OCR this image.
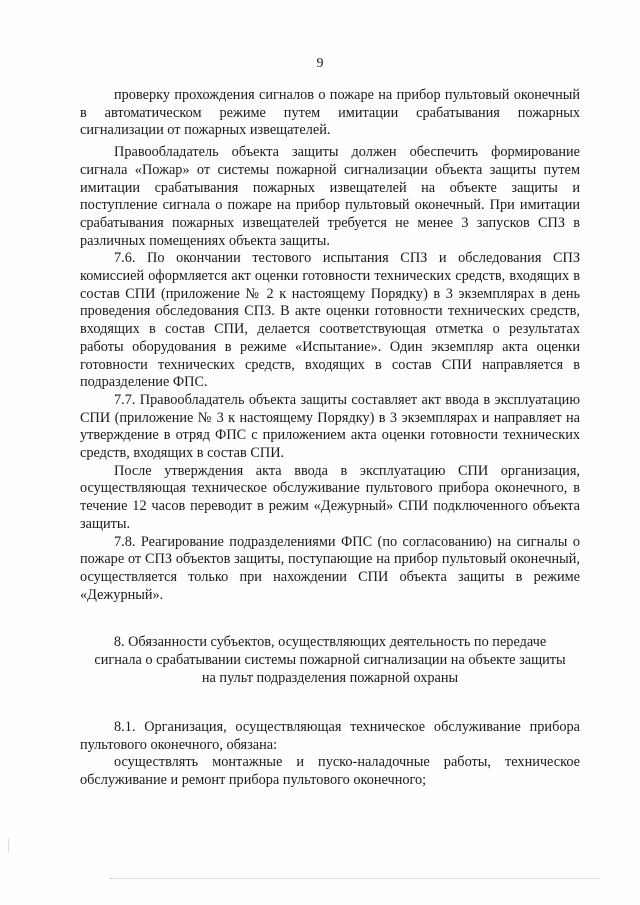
9

проверку прохождения сигналов о пожаре на прибор пультовый оконечный в автоматическом режиме путем имитации срабатывания пожарных сигнализации от пожарных извещателей.

Правообладатель объекта защиты должен обеспечить формирование сигнала «Пожар» от системы пожарной сигнализации объекта защиты путем имитации срабатывания пожарных извещателей на объекте защиты и поступление сигнала о пожаре на прибор пультовый оконечный. При имитации срабатывания пожарных извещателей требуется не менее 3 запусков СПЗ в различных помещениях объекта защиты.

7.6. По окончании тестового испытания СПЗ и обследования СПЗ комиссией оформляется акт оценки готовности технических средств, входящих в состав СПИ (приложение № 2 к настоящему Порядку) в 3 экземплярах в день проведения обследования СПЗ. В акте оценки готовности технических средств, входящих в состав СПИ, делается соответствующая отметка о результатах работы оборудования в режиме «Испытание». Один экземпляр акта оценки готовности технических средств, входящих в состав СПИ направляется в подразделение ФПС.

7.7. Правообладатель объекта защиты составляет акт ввода в эксплуатацию СПИ (приложение № 3 к настоящему Порядку) в 3 экземплярах и направляет на утверждение в отряд ФПС с приложением акта оценки готовности технических средств, входящих в состав СПИ.

После утверждения акта ввода в эксплуатацию СПИ организация, осуществляющая техническое обслуживание пультового прибора оконечного, в течение 12 часов переводит в режим «Дежурный» СПИ подключенного объекта защиты.

7.8. Реагирование подразделениями ФПС (по согласованию) на сигналы о пожаре от СПЗ объектов защиты, поступающие на прибор пультовый оконечный, осуществляется только при нахождении СПИ объекта защиты в режиме «Дежурный».

8. Обязанности субъектов, осуществляющих деятельность по передаче сигнала о срабатывании системы пожарной сигнализации на объекте защиты на пульт подразделения пожарной охраны

8.1. Организация, осуществляющая техническое обслуживание прибора пультового оконечного, обязана:

осуществлять монтажные и пуско-наладочные работы, техническое обслуживание и ремонт прибора пультового оконечного;
